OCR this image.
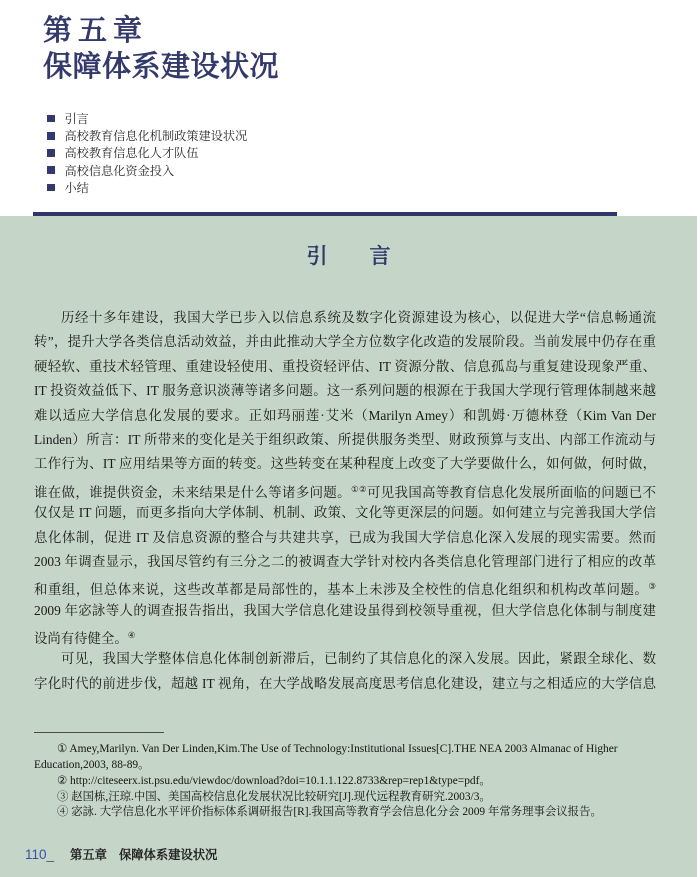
第五章
保障体系建设状况
引言
高校教育信息化机制政策建设状况
高校教育信息化人才队伍
高校信息化资金投入
小结
引　　言
历经十多年建设，我国大学已步入以信息系统及数字化资源建设为核心，以促进大学“信息畅通流
转”，提升大学各类信息活动效益，并由此推动大学全方位数字化改造的发展阶段。当前发展中仍存在重
硬轻软、重技术轻管理、重建设轻使用、重投资轻评估、IT 资源分散、信息孤岛与重复建设现象严重、
IT 投资效益低下、IT 服务意识淡薄等诸多问题。这一系列问题的根源在于我国大学现行管理体制越来越
难以适应大学信息化发展的要求。正如玛丽莲·艾米（Marilyn Amey）和凯姆·万德林登（Kim Van Der
Linden）所言：IT 所带来的变化是关于组织政策、所提供服务类型、财政预算与支出、内部工作流动与
工作行为、IT 应用结果等方面的转变。这些转变在某种程度上改变了大学要做什么，如何做，何时做，
谁在做，谁提供资金，未来结果是什么等诸多问题。①②可见我国高等教育信息化发展所面临的问题已不
仅仅是 IT 问题，而更多指向大学体制、机制、政策、文化等更深层的问题。如何建立与完善我国大学信
息化体制，促进 IT 及信息资源的整合与共建共享，已成为我国大学信息化深入发展的现实需要。然而
2003 年调查显示，我国尽管约有三分之二的被调查大学针对校内各类信息化管理部门进行了相应的改革
和重组，但总体来说，这些改革都是局部性的，基本上未涉及全校性的信息化组织和机构改革问题。③
2009 年宓詠等人的调查报告指出，我国大学信息化建设虽得到校领导重视，但大学信息化体制与制度建
设尚有待健全。④
可见，我国大学整体信息化体制创新滞后，已制约了其信息化的深入发展。因此，紧跟全球化、数
字化时代的前进步伐，超越 IT 视角，在大学战略发展高度思考信息化建设，建立与之相适应的大学信息
① Amey,Marilyn. Van Der Linden,Kim.The Use of Technology:Institutional Issues[C].THE NEA 2003 Almanac of Higher
Education,2003, 88-89。
② http://citeseerx.ist.psu.edu/viewdoc/download?doi=10.1.1.122.8733&rep=rep1&type=pdf。
③ 赵国栋,汪琼.中国、美国高校信息化发展状况比较研究[J].现代远程教育研究.2003/3。
④ 宓詠. 大学信息化水平评价指标体系调研报告[R].我国高等教育学会信息化分会 2009 年常务理事会议报告。
110 _ 第五章 保障体系建设状况
